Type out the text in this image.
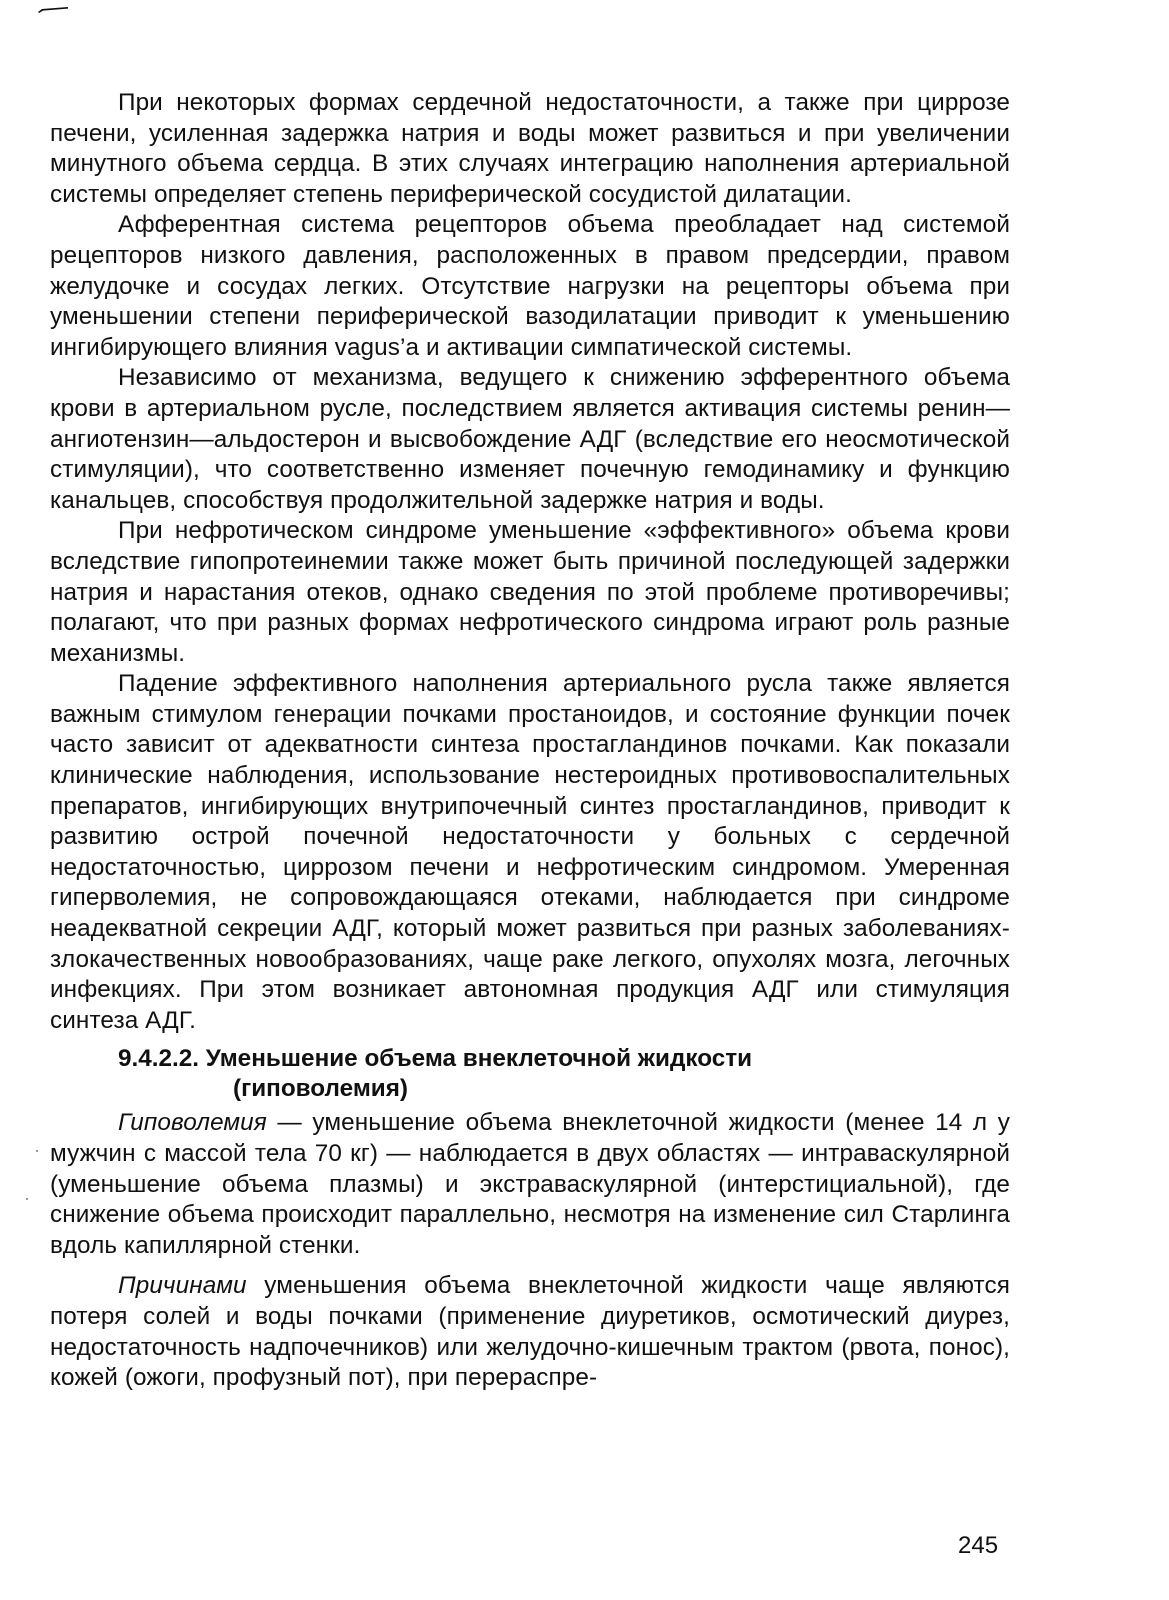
При некоторых формах сердечной недостаточности, а также при циррозе печени, усиленная задержка натрия и воды может развиться и при увеличении минутного объема сердца. В этих случаях интеграцию наполнения артериальной системы определяет степень периферической сосудистой дилатации.

Афферентная система рецепторов объема преобладает над системой рецепторов низкого давления, расположенных в правом предсердии, правом желудочке и сосудах легких. Отсутствие нагрузки на рецепторы объема при уменьшении степени периферической вазодилатации приводит к уменьшению ингибирующего влияния vagus’a и активации симпатической системы.

Независимо от механизма, ведущего к снижению эфферентного объема крови в артериальном русле, последствием является активация системы ренин—ангиотензин—альдостерон и высвобождение АДГ (вследствие его неосмотической стимуляции), что соответственно изменяет почечную гемодинамику и функцию канальцев, способствуя продолжительной задержке натрия и воды.

При нефротическом синдроме уменьшение «эффективного» объема крови вследствие гипопротеинемии также может быть причиной последующей задержки натрия и нарастания отеков, однако сведения по этой проблеме противоречивы; полагают, что при разных формах нефротического синдрома играют роль разные механизмы.

Падение эффективного наполнения артериального русла также является важным стимулом генерации почками простаноидов, и состояние функции почек часто зависит от адекватности синтеза простагландинов почками. Как показали клинические наблюдения, использование нестероидных противовоспалительных препаратов, ингибирующих внутрипочечный синтез простагландинов, приводит к развитию острой почечной недостаточности у больных с сердечной недостаточностью, циррозом печени и нефротическим синдромом. Умеренная гиперволемия, не сопровождающаяся отеками, наблюдается при синдроме неадекватной секреции АДГ, который может развиться при разных заболеваниях-злокачественных новообразованиях, чаще раке легкого, опухолях мозга, легочных инфекциях. При этом возникает автономная продукция АДГ или стимуляция синтеза АДГ.

9.4.2.2. Уменьшение объема внеклеточной жидкости
(гиповолемия)

Гиповолемия — уменьшение объема внеклеточной жидкости (менее 14 л у мужчин с массой тела 70 кг) — наблюдается в двух областях — интраваскулярной (уменьшение объема плазмы) и экстраваскулярной (интерстициальной), где снижение объема происходит параллельно, несмотря на изменение сил Старлинга вдоль капиллярной стенки.

Причинами уменьшения объема внеклеточной жидкости чаще являются потеря солей и воды почками (применение диуретиков, осмотический диурез, недостаточность надпочечников) или желудочно-кишечным трактом (рвота, понос), кожей (ожоги, профузный пот), при перераспре-

245
